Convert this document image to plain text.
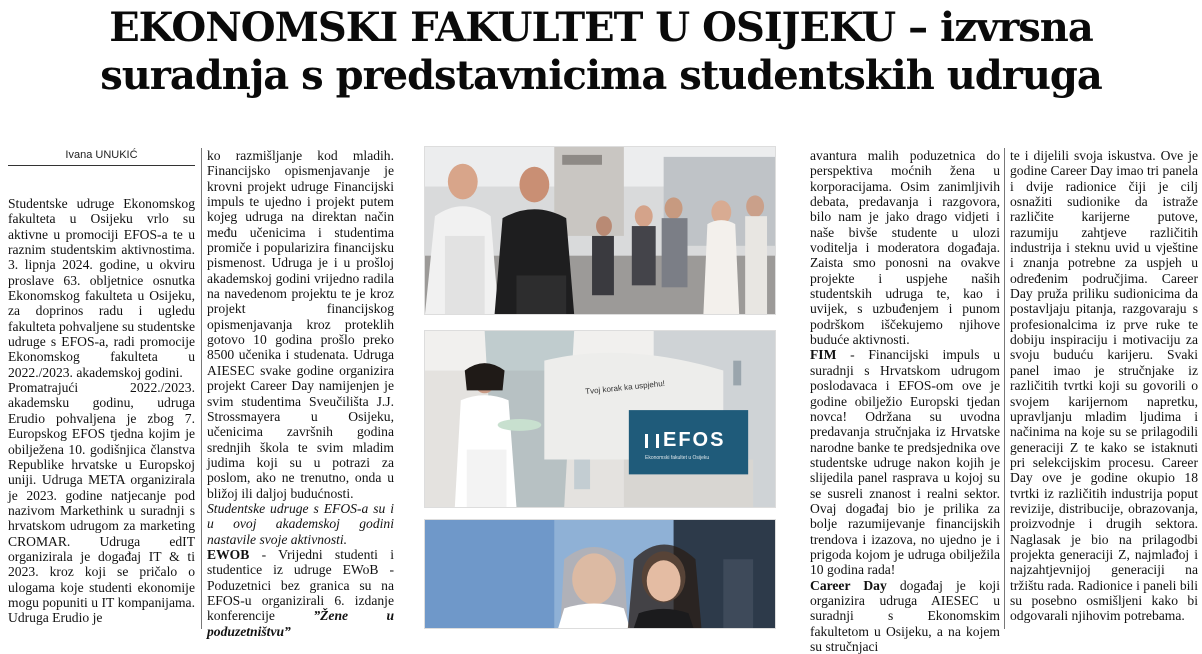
EKONOMSKI FAKULTET U OSIJEKU – izvrsna
suradnja s predstavnicima studentskih udruga
Ivana UNUKIĆ

Studentske udruge Ekonomskog fakulteta u Osijeku vrlo su aktivne u promociji EFOS-a te u raznim studentskim aktivnostima. 3. lipnja 2024. godine, u okviru proslave 63. obljetnice osnutka Ekonomskog fakulteta u Osijeku, za doprinos radu i ugledu fakulteta pohvaljene su studentske udruge s EFOS-a, radi promocije Ekonomskog fakulteta u 2022./2023. akademskoj godini.

Promatrajući 2022./2023. akademsku godinu, udruga Erudio pohvaljena je zbog 7. Europskog EFOS tjedna kojim je obilježena 10. godišnjica članstva Republike hrvatske u Europskoj uniji. Udruga META organizirala je 2023. godine natjecanje pod nazivom Markethink u suradnji s hrvatskom udrugom za marketing CROMAR. Udruga edIT organizirala je događaj IT & ti 2023. kroz koji se pričalo o ulogama koje studenti ekonomije mogu popuniti u IT kompanijama. Udruga Erudio je

ko razmišljanje kod mladih. Financijsko opismenjavanje je krovni projekt udruge Financijski impuls te ujedno i projekt putem kojeg udruga na direktan način među učenicima i studentima promiče i popularizira financijsku pismenost. Udruga je i u prošloj akademskoj godini vrijedno radila na navedenom projektu te je kroz projekt financijskog opismenjavanja kroz proteklih gotovo 10 godina prošlo preko 8500 učenika i studenata. Udruga AIESEC svake godine organizira projekt Career Day namijenjen je svim studentima Sveučilišta J.J. Strossmayera u Osijeku, učenicima završnih godina srednjih škola te svim mladim judima koji su u potrazi za poslom, ako ne trenutno, onda u bližoj ili daljoj budućnosti.

Studentske udruge s EFOS-a su i u ovoj akademskoj godini nastavile svoje aktivnosti.

EWOB - Vrijedni studenti i studentice iz udruge EWoB - Poduzetnici bez granica su na EFOS-u organizirali 6. izdanje konferencije ”Žene u poduzetništvu”

Tvoj korak ka uspjehu!
EFOS
Ekonomski fakultet u Osijeku

avantura malih poduzetnica do perspektiva moćnih žena u korporacijama. Osim zanimljivih debata, predavanja i razgovora, bilo nam je jako drago vidjeti i naše bivše studente u ulozi voditelja i moderatora događaja. Zaista smo ponosni na ovakve projekte i uspjehe naših studentskih udruga te, kao i uvijek, s uzbuđenjem i punom podrškom iščekujemo njihove buduće aktivnosti.

FIM - Financijski impuls u suradnji s Hrvatskom udrugom poslodavaca i EFOS-om ove je godine obilježio Europski tjedan novca! Održana su uvodna predavanja stručnjaka iz Hrvatske narodne banke te predsjednika ove studentske udruge nakon kojih je slijedila panel rasprava u kojoj su se susreli znanost i realni sektor. Ovaj događaj bio je prilika za bolje razumijevanje financijskih trendova i izazova, no ujedno je i prigoda kojom je udruga obilježila 10 godina rada!

Career Day događaj je koji organizira udruga AIESEC u suradnji s Ekonomskim fakultetom u Osijeku, a na kojem su stručnjaci

te i dijelili svoja iskustva. Ove je godine Career Day imao tri panela i dvije radionice čiji je cilj osnažiti sudionike da istraže različite karijerne putove, razumiju zahtjeve različitih industrija i steknu uvid u vještine i znanja potrebne za uspjeh u određenim područjima. Career Day pruža priliku sudionicima da postavljaju pitanja, razgovaraju s profesionalcima iz prve ruke te dobiju inspiraciju i motivaciju za svoju buduću karijeru. Svaki panel imao je stručnjake iz različitih tvrtki koji su govorili o svojem karijernom napretku, upravljanju mladim ljudima i načinima na koje su se prilagodili generaciji Z te kako se istaknuti pri selekcijskim procesu. Career Day ove je godine okupio 18 tvrtki iz različitih industrija poput revizije, distribucije, obrazovanja, proizvodnje i drugih sektora. Naglasak je bio na prilagodbi projekta generaciji Z, najmlađoj i najzahtjevnijoj generaciji na tržištu rada. Radionice i paneli bili su posebno osmišljeni kako bi odgovarali njihovim potrebama.
